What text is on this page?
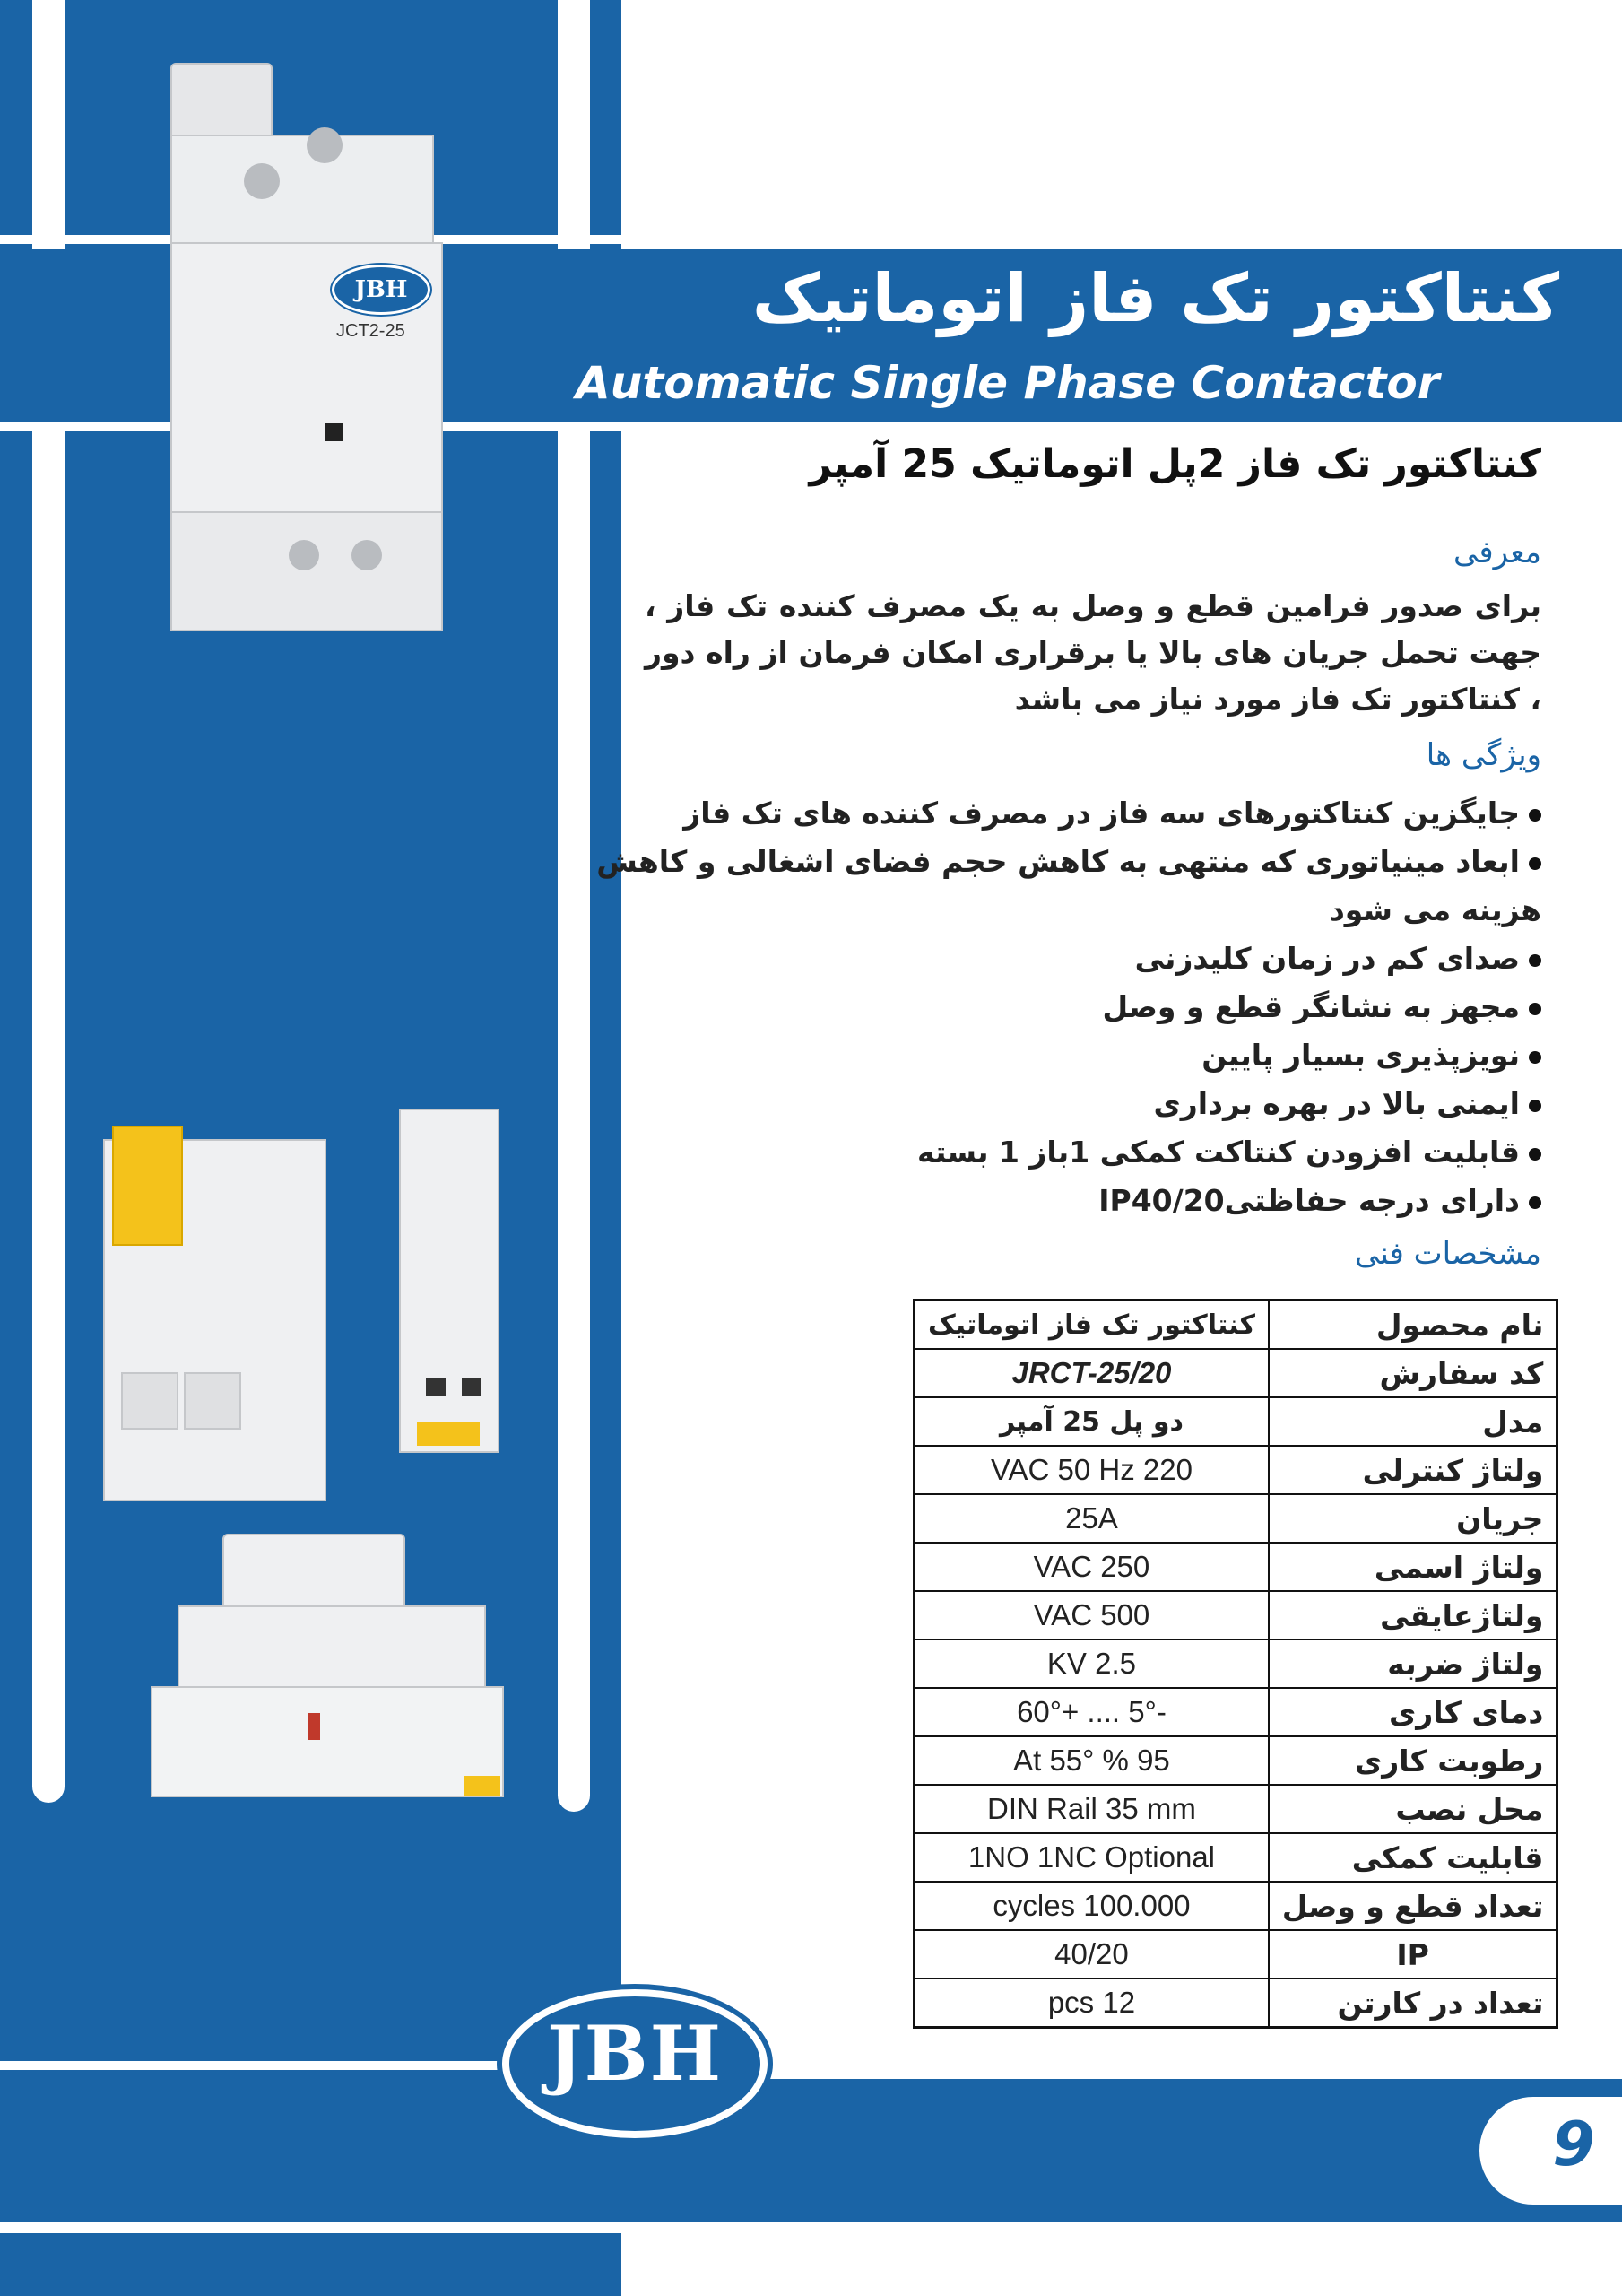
کنتاکتور تک فاز اتوماتیک
Automatic Single Phase Contactor
JBH
JCT2-25
کنتاکتور تک فاز 2پل اتوماتیک 25 آمپر
معرفی
برای صدور فرامین قطع و وصل به یک مصرف کننده تک فاز ، جهت تحمل جریان های بالا یا برقراری امکان فرمان از راه دور ، کنتاکتور تک فاز مورد نیاز می باشد
ویژگی ها
جایگزین کنتاکتورهای سه فاز در مصرف کننده های تک فاز
ابعاد مینیاتوری که منتهی به کاهش حجم فضای اشغالی و کاهش هزینه می شود
صدای کم در زمان کلیدزنی
مجهز به نشانگر قطع و وصل
نویزپذیری بسیار پایین
ایمنی بالا در بهره برداری
قابلیت افزودن کنتاکت کمکی 1باز 1 بسته
دارای درجه حفاظتیIP40/20
مشخصات فنی
نام محصول	کنتاکتور تک فاز اتوماتیک
کد سفارش	JRCT-25/20
مدل	دو پل 25 آمپر
ولتاژ کنترلی	220 VAC 50 Hz
جریان	25A
ولتاژ اسمی	250 VAC
ولتاژعایقی	500 VAC
ولتاژ ضربه	2.5 KV
دمای کاری	-5° .... +60°
رطوبت کاری	95 % At 55°
محل نصب	DIN Rail 35 mm
قابلیت کمکی	1NO 1NC Optional
تعداد قطع و وصل	100.000 cycles
IP	40/20
تعداد در کارتن	12 pcs
JBH
9
